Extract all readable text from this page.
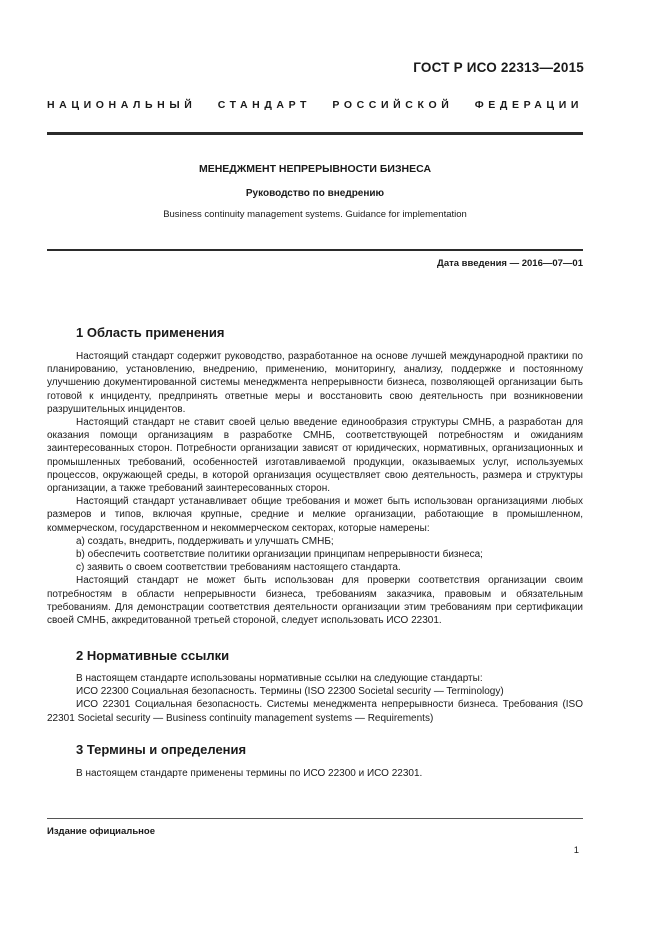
ГОСТ Р ИСО 22313—2015
НАЦИОНАЛЬНЫЙ СТАНДАРТ РОССИЙСКОЙ ФЕДЕРАЦИИ
МЕНЕДЖМЕНТ НЕПРЕРЫВНОСТИ БИЗНЕСА
Руководство по внедрению
Business continuity management systems. Guidance for implementation
Дата введения — 2016—07—01
1 Область применения

Настоящий стандарт содержит руководство, разработанное на основе лучшей международной практики по планированию, установлению, внедрению, применению, мониторингу, анализу, поддержке и постоянному улучшению документированной системы менеджмента непрерывности бизнеса, позволяющей организации быть готовой к инциденту, предпринять ответные меры и восстановить свою деятельность при возникновении разрушительных инцидентов.

Настоящий стандарт не ставит своей целью введение единообразия структуры СМНБ, а разработан для оказания помощи организациям в разработке СМНБ, соответствующей потребностям и ожиданиям заинтересованных сторон. Потребности организации зависят от юридических, нормативных, организационных и промышленных требований, особенностей изготавливаемой продукции, оказываемых услуг, используемых процессов, окружающей среды, в которой организация осуществляет свою деятельность, размера и структуры организации, а также требований заинтересованных сторон.

Настоящий стандарт устанавливает общие требования и может быть использован организациями любых размеров и типов, включая крупные, средние и мелкие организации, работающие в промышленном, коммерческом, государственном и некоммерческом секторах, которые намерены:

a) создать, внедрить, поддерживать и улучшать СМНБ;

b) обеспечить соответствие политики организации принципам непрерывности бизнеса;

c) заявить о своем соответствии требованиям настоящего стандарта.

Настоящий стандарт не может быть использован для проверки соответствия организации своим потребностям в области непрерывности бизнеса, требованиям заказчика, правовым и обязательным требованиям. Для демонстрации соответствия деятельности организации этим требованиям при сертификации своей СМНБ, аккредитованной третьей стороной, следует использовать ИСО 22301.

2 Нормативные ссылки

В настоящем стандарте использованы нормативные ссылки на следующие стандарты:

ИСО 22300 Социальная безопасность. Термины (ISO 22300 Societal security — Terminology)

ИСО 22301 Социальная безопасность. Системы менеджмента непрерывности бизнеса. Требования (ISO 22301 Societal security — Business continuity management systems — Requirements)

3 Термины и определения

В настоящем стандарте применены термины по ИСО 22300 и ИСО 22301.

Издание официальное
1
